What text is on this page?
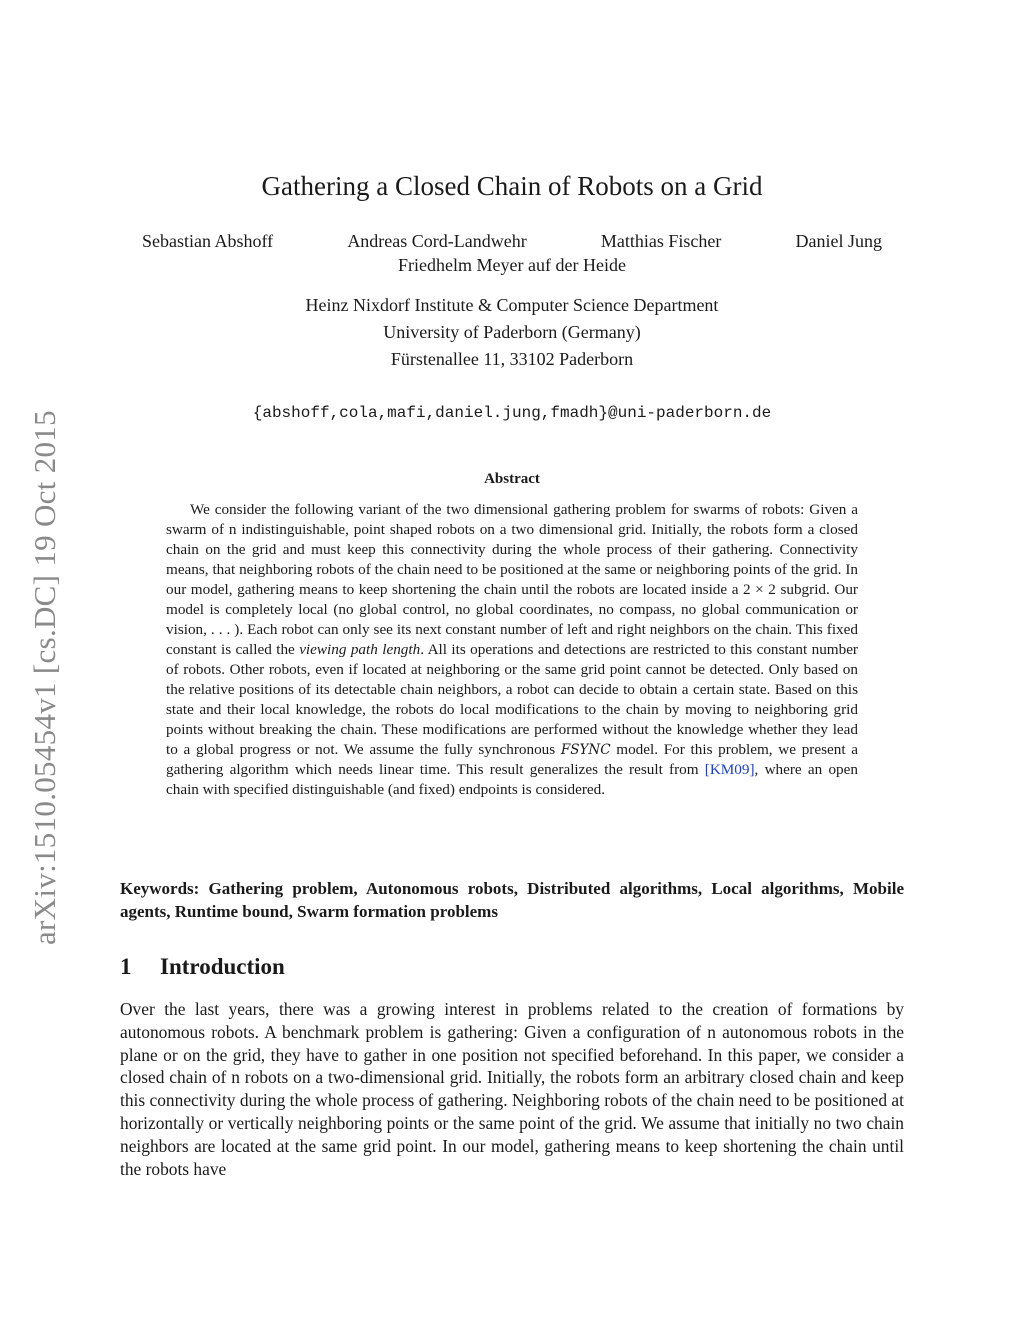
arXiv:1510.05454v1 [cs.DC] 19 Oct 2015
Gathering a Closed Chain of Robots on a Grid
Sebastian Abshoff	Andreas Cord-Landwehr	Matthias Fischer	Daniel Jung
Friedhelm Meyer auf der Heide
Heinz Nixdorf Institute & Computer Science Department
University of Paderborn (Germany)
Fürstenallee 11, 33102 Paderborn
{abshoff,cola,mafi,daniel.jung,fmadh}@uni-paderborn.de
Abstract
We consider the following variant of the two dimensional gathering problem for swarms of robots: Given a swarm of n indistinguishable, point shaped robots on a two dimensional grid. Initially, the robots form a closed chain on the grid and must keep this connectivity during the whole process of their gathering. Connectivity means, that neighboring robots of the chain need to be positioned at the same or neighboring points of the grid. In our model, gathering means to keep shortening the chain until the robots are located inside a 2 × 2 subgrid. Our model is completely local (no global control, no global coordinates, no compass, no global communication or vision, . . . ). Each robot can only see its next constant number of left and right neighbors on the chain. This fixed constant is called the viewing path length. All its operations and detections are restricted to this constant number of robots. Other robots, even if located at neighboring or the same grid point cannot be detected. Only based on the relative positions of its detectable chain neighbors, a robot can decide to obtain a certain state. Based on this state and their local knowledge, the robots do local modifications to the chain by moving to neighboring grid points without breaking the chain. These modifications are performed without the knowledge whether they lead to a global progress or not. We assume the fully synchronous FSYNC model. For this problem, we present a gathering algorithm which needs linear time. This result generalizes the result from [KM09], where an open chain with specified distinguishable (and fixed) endpoints is considered.
Keywords: Gathering problem, Autonomous robots, Distributed algorithms, Local algorithms, Mobile agents, Runtime bound, Swarm formation problems
1 Introduction
Over the last years, there was a growing interest in problems related to the creation of formations by autonomous robots. A benchmark problem is gathering: Given a configuration of n autonomous robots in the plane or on the grid, they have to gather in one position not specified beforehand. In this paper, we consider a closed chain of n robots on a two-dimensional grid. Initially, the robots form an arbitrary closed chain and keep this connectivity during the whole process of gathering. Neighboring robots of the chain need to be positioned at horizontally or vertically neighboring points or the same point of the grid. We assume that initially no two chain neighbors are located at the same grid point. In our model, gathering means to keep shortening the chain until the robots have
